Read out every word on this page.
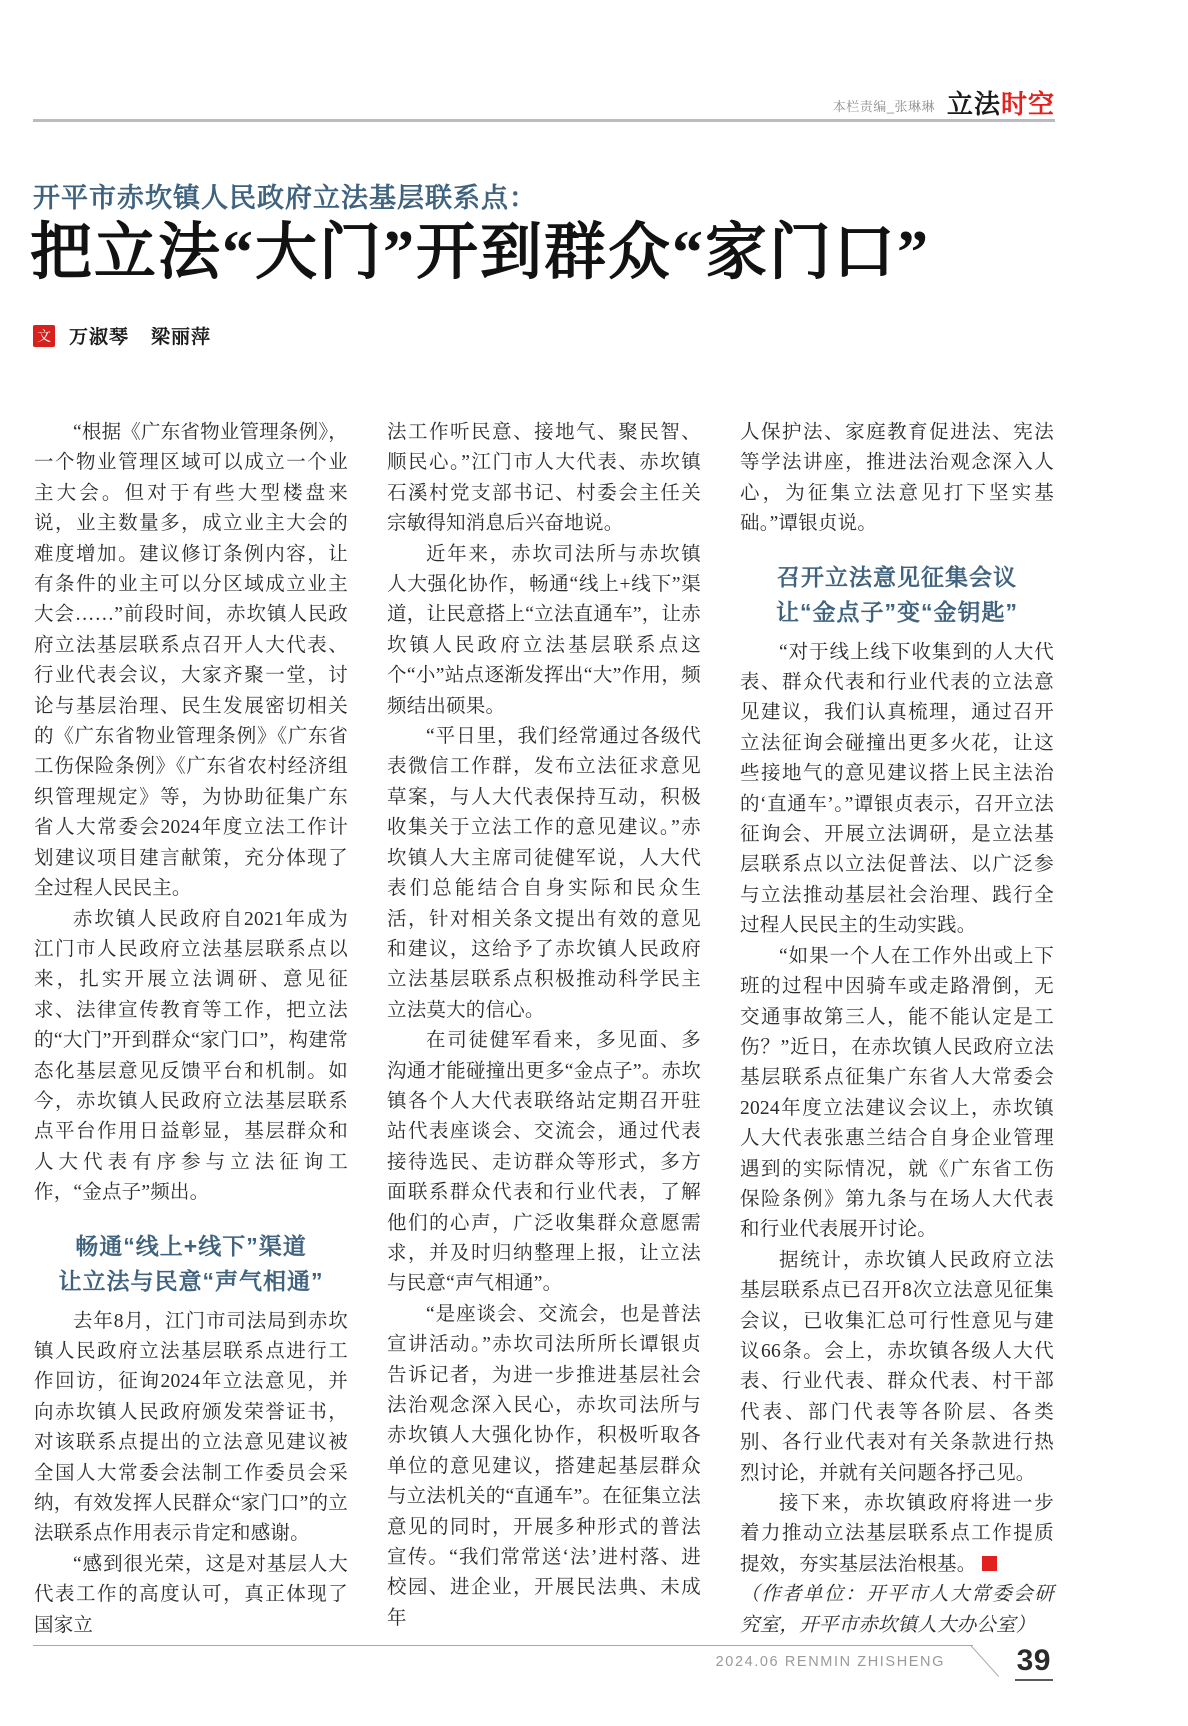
本栏责编_张琳琳 立法时空
开平市赤坎镇人民政府立法基层联系点：
把立法“大门”开到群众“家门口”
文 万淑琴 梁丽萍

“根据《广东省物业管理条例》，一个物业管理区域可以成立一个业主大会。但对于有些大型楼盘来说，业主数量多，成立业主大会的难度增加。建议修订条例内容，让有条件的业主可以分区域成立业主大会……”前段时间，赤坎镇人民政府立法基层联系点召开人大代表、行业代表会议，大家齐聚一堂，讨论与基层治理、民生发展密切相关的《广东省物业管理条例》《广东省工伤保险条例》《广东省农村经济组织管理规定》等，为协助征集广东省人大常委会2024年度立法工作计划建议项目建言献策，充分体现了全过程人民民主。

赤坎镇人民政府自2021年成为江门市人民政府立法基层联系点以来，扎实开展立法调研、意见征求、法律宣传教育等工作，把立法的“大门”开到群众“家门口”，构建常态化基层意见反馈平台和机制。如今，赤坎镇人民政府立法基层联系点平台作用日益彰显，基层群众和人大代表有序参与立法征询工作，“金点子”频出。

畅通“线上+线下”渠道
让立法与民意“声气相通”

去年8月，江门市司法局到赤坎镇人民政府立法基层联系点进行工作回访，征询2024年立法意见，并向赤坎镇人民政府颁发荣誉证书，对该联系点提出的立法意见建议被全国人大常委会法制工作委员会采纳，有效发挥人民群众“家门口”的立法联系点作用表示肯定和感谢。

“感到很光荣，这是对基层人大代表工作的高度认可，真正体现了国家立

法工作听民意、接地气、聚民智、顺民心。”江门市人大代表、赤坎镇石溪村党支部书记、村委会主任关宗敏得知消息后兴奋地说。

近年来，赤坎司法所与赤坎镇人大强化协作，畅通“线上+线下”渠道，让民意搭上“立法直通车”，让赤坎镇人民政府立法基层联系点这个“小”站点逐渐发挥出“大”作用，频频结出硕果。

“平日里，我们经常通过各级代表微信工作群，发布立法征求意见草案，与人大代表保持互动，积极收集关于立法工作的意见建议。”赤坎镇人大主席司徒健军说，人大代表们总能结合自身实际和民众生活，针对相关条文提出有效的意见和建议，这给予了赤坎镇人民政府立法基层联系点积极推动科学民主立法莫大的信心。

在司徒健军看来，多见面、多沟通才能碰撞出更多“金点子”。赤坎镇各个人大代表联络站定期召开驻站代表座谈会、交流会，通过代表接待选民、走访群众等形式，多方面联系群众代表和行业代表，了解他们的心声，广泛收集群众意愿需求，并及时归纳整理上报，让立法与民意“声气相通”。

“是座谈会、交流会，也是普法宣讲活动。”赤坎司法所所长谭银贞告诉记者，为进一步推进基层社会法治观念深入民心，赤坎司法所与赤坎镇人大强化协作，积极听取各单位的意见建议，搭建起基层群众与立法机关的“直通车”。在征集立法意见的同时，开展多种形式的普法宣传。“我们常常送‘法’进村落、进校园、进企业，开展民法典、未成年

人保护法、家庭教育促进法、宪法等学法讲座，推进法治观念深入人心，为征集立法意见打下坚实基础。”谭银贞说。

召开立法意见征集会议
让“金点子”变“金钥匙”

“对于线上线下收集到的人大代表、群众代表和行业代表的立法意见建议，我们认真梳理，通过召开立法征询会碰撞出更多火花，让这些接地气的意见建议搭上民主法治的‘直通车’。”谭银贞表示，召开立法征询会、开展立法调研，是立法基层联系点以立法促普法、以广泛参与立法推动基层社会治理、践行全过程人民民主的生动实践。

“如果一个人在工作外出或上下班的过程中因骑车或走路滑倒，无交通事故第三人，能不能认定是工伤？”近日，在赤坎镇人民政府立法基层联系点征集广东省人大常委会2024年度立法建议会议上，赤坎镇人大代表张惠兰结合自身企业管理遇到的实际情况，就《广东省工伤保险条例》第九条与在场人大代表和行业代表展开讨论。

据统计，赤坎镇人民政府立法基层联系点已召开8次立法意见征集会议，已收集汇总可行性意见与建议66条。会上，赤坎镇各级人大代表、行业代表、群众代表、村干部代表、部门代表等各阶层、各类别、各行业代表对有关条款进行热烈讨论，并就有关问题各抒己见。

接下来，赤坎镇政府将进一步着力推动立法基层联系点工作提质提效，夯实基层法治根基。

（作者单位：开平市人大常委会研究室，开平市赤坎镇人大办公室）

2024.06 RENMIN ZHISHENG 39
